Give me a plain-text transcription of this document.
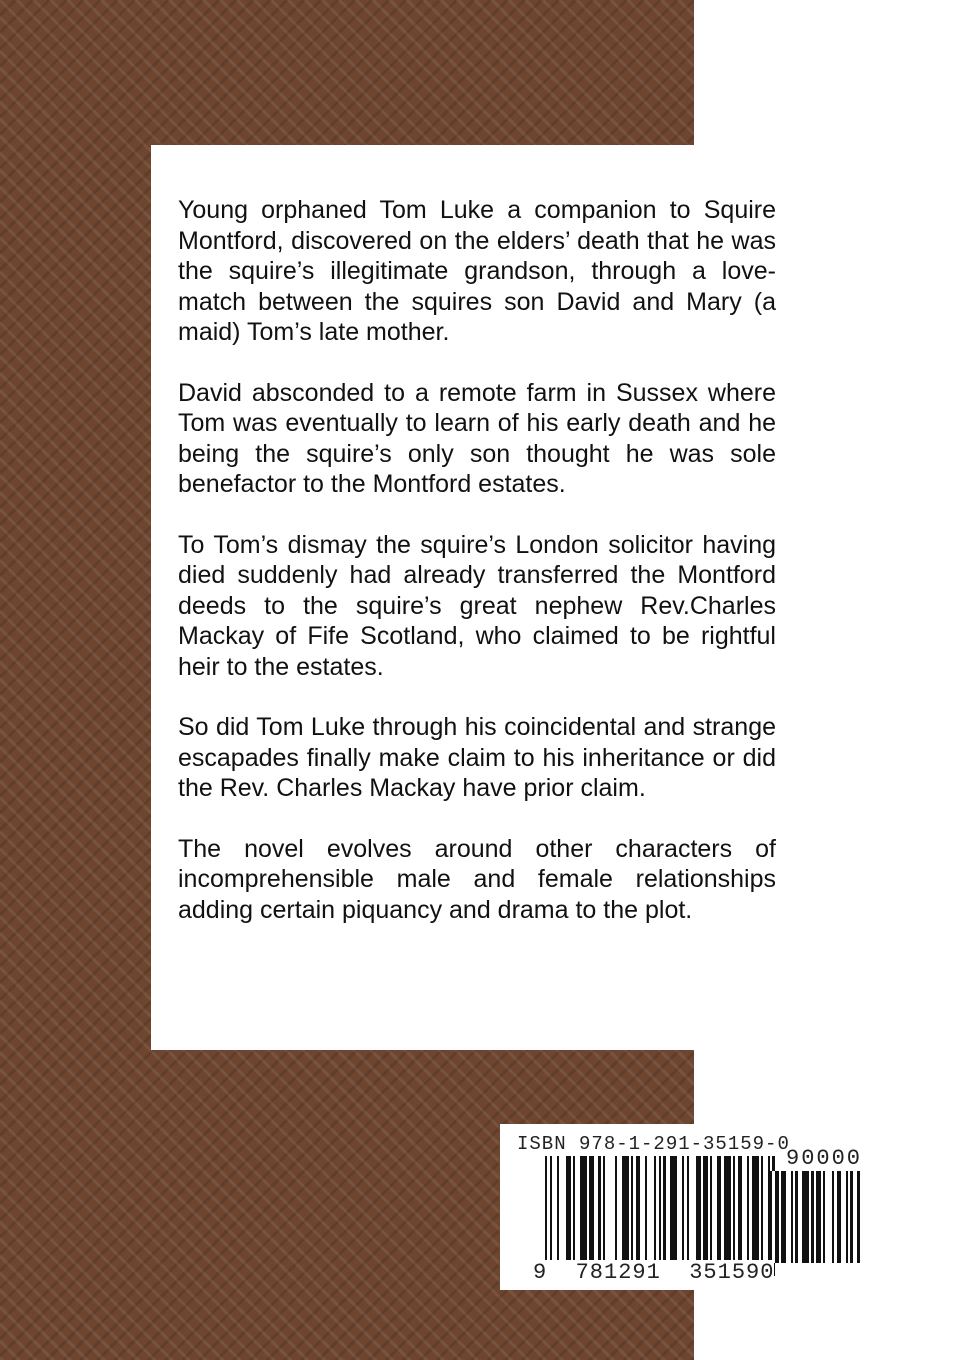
Young orphaned Tom Luke a companion to Squire Montford, discovered on the elders’ death that he was the squire’s illegitimate grandson, through a love-match between the squires son David and Mary (a maid) Tom’s late mother.

David absconded to a remote farm in Sussex where Tom was eventually to learn of his early death and he being the squire’s only son thought he was sole benefactor to the Montford estates.

To Tom’s dismay the squire’s London solicitor having died suddenly had already transferred the Montford deeds to the squire’s great nephew Rev.Charles Mackay of Fife Scotland, who claimed to be rightful heir to the estates.

So did Tom Luke through his coincidental and strange escapades finally make claim to his inheritance or did the Rev. Charles Mackay have prior claim.

The novel evolves around other characters of incomprehensible male and female relationships adding certain piquancy and drama to the plot.

ISBN 978-1-291-35159-0
90000
9  781291  351590
